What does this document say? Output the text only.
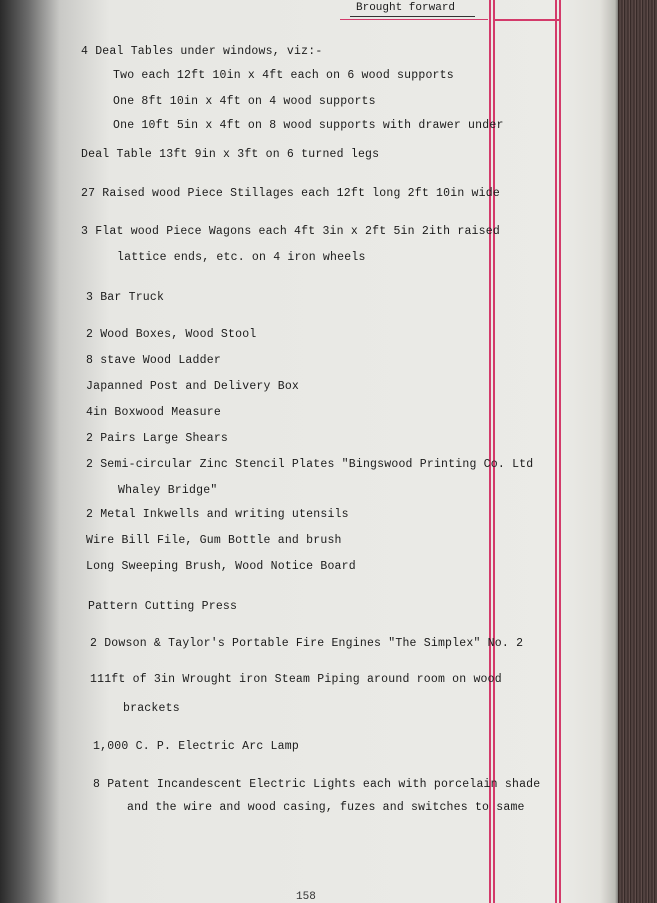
Brought forward
4 Deal Tables under windows, viz:-
Two each 12ft 10in x 4ft each on 6 wood supports
One 8ft 10in x 4ft on 4 wood supports
One 10ft 5in x 4ft on 8 wood supports with drawer under
Deal Table 13ft 9in x 3ft on 6 turned legs
27 Raised wood Piece Stillages each 12ft long 2ft 10in wide
3 Flat wood Piece Wagons each 4ft 3in x 2ft 5in 2ith raised
lattice ends, etc. on 4 iron wheels
3 Bar Truck
2 Wood Boxes, Wood Stool
8 stave Wood Ladder
Japanned Post and Delivery Box
4in Boxwood Measure
2 Pairs Large Shears
2 Semi-circular Zinc Stencil Plates "Bingswood Printing Co. Ltd
Whaley Bridge"
2 Metal Inkwells and writing utensils
Wire Bill File, Gum Bottle and brush
Long Sweeping Brush, Wood Notice Board
Pattern Cutting Press
2 Dowson & Taylor's Portable Fire Engines "The Simplex" No. 2
111ft of 3in Wrought iron Steam Piping around room on wood
brackets
1,000 C. P. Electric Arc Lamp
8 Patent Incandescent Electric Lights each with porcelain shade
and the wire and wood casing, fuzes and switches to same
158
